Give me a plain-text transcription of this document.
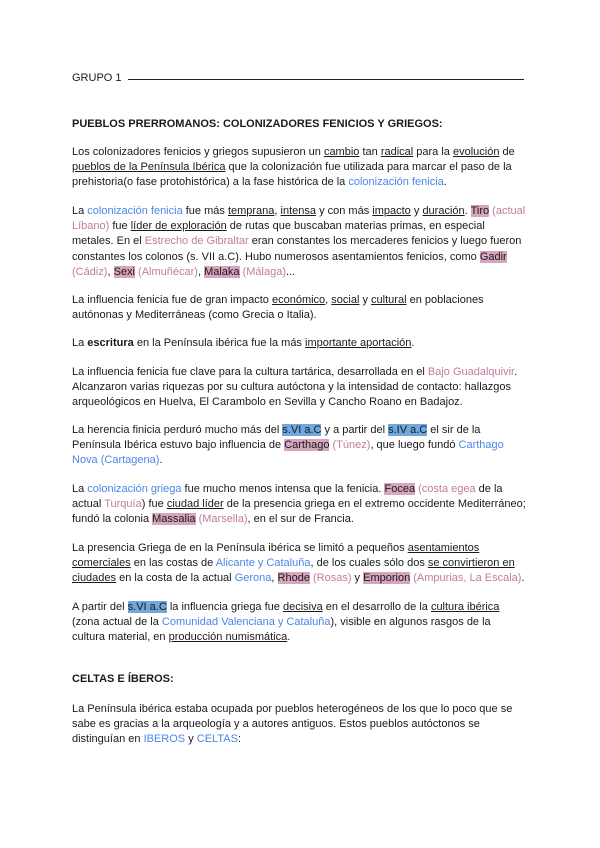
GRUPO 1
PUEBLOS PRERROMANOS: COLONIZADORES FENICIOS Y GRIEGOS:
Los colonizadores fenicios y griegos supusieron un cambio tan radical para la evolución de pueblos de la Península Ibérica que la colonización fue utilizada para marcar el paso de la prehistoria(o fase protohistórica) a la fase histórica de la colonización fenicia.
La colonización fenicia fue más temprana, intensa y con más impacto y duración. Tiro (actual Líbano) fue líder de exploración de rutas que buscaban materias primas, en especial metales. En el Estrecho de Gibraltar eran constantes los mercaderes fenicios y luego fueron constantes los colonos (s. VII a.C). Hubo numerosos asentamientos fenicios, como Gadir (Cádiz), Sexi (Almuñécar), Malaka (Málaga)...
La influencia fenicia fue de gran impacto económico, social y cultural en poblaciones autónonas y Mediterráneas (como Grecia o Italia).
La escritura en la Península ibérica fue la más importante aportación.
La influencia fenicia fue clave para la cultura tartárica, desarrollada en el Bajo Guadalquivir. Alcanzaron varias riquezas por su cultura autóctona y la intensidad de contacto: hallazgos arqueológicos en Huelva, El Carambolo en Sevilla y Cancho Roano en Badajoz.
La herencia finicia perduró mucho más del s.VI a.C y a partir del s.IV a.C el sir de la Península Ibérica estuvo bajo influencia de Carthago (Túnez), que luego fundó Carthago Nova (Cartagena).
La colonización griega fue mucho menos intensa que la fenicia. Focea (costa egea de la actual Turquía) fue ciudad líder de la presencia griega en el extremo occidente Mediterráneo; fundó la colonia Massalia (Marsella), en el sur de Francia.
La presencia Griega de en la Península ibérica se limitó a pequeños asentamientos comerciales en las costas de Alicante y Cataluña, de los cuales sólo dos se convirtieron en ciudades en la costa de la actual Gerona, Rhode (Rosas) y Emporion (Ampurias, La Escala).
A partir del s.VI a.C la influencia griega fue decisiva en el desarrollo de la cultura ibérica (zona actual de la Comunidad Valenciana y Cataluña), visible en algunos rasgos de la cultura material, en producción numismática.
CELTAS E ÍBEROS:
La Península ibérica estaba ocupada por pueblos heterogéneos de los que lo poco que se sabe es gracias a la arqueología y a autores antiguos. Estos pueblos autóctonos se distinguían en IBEROS y CELTAS:
